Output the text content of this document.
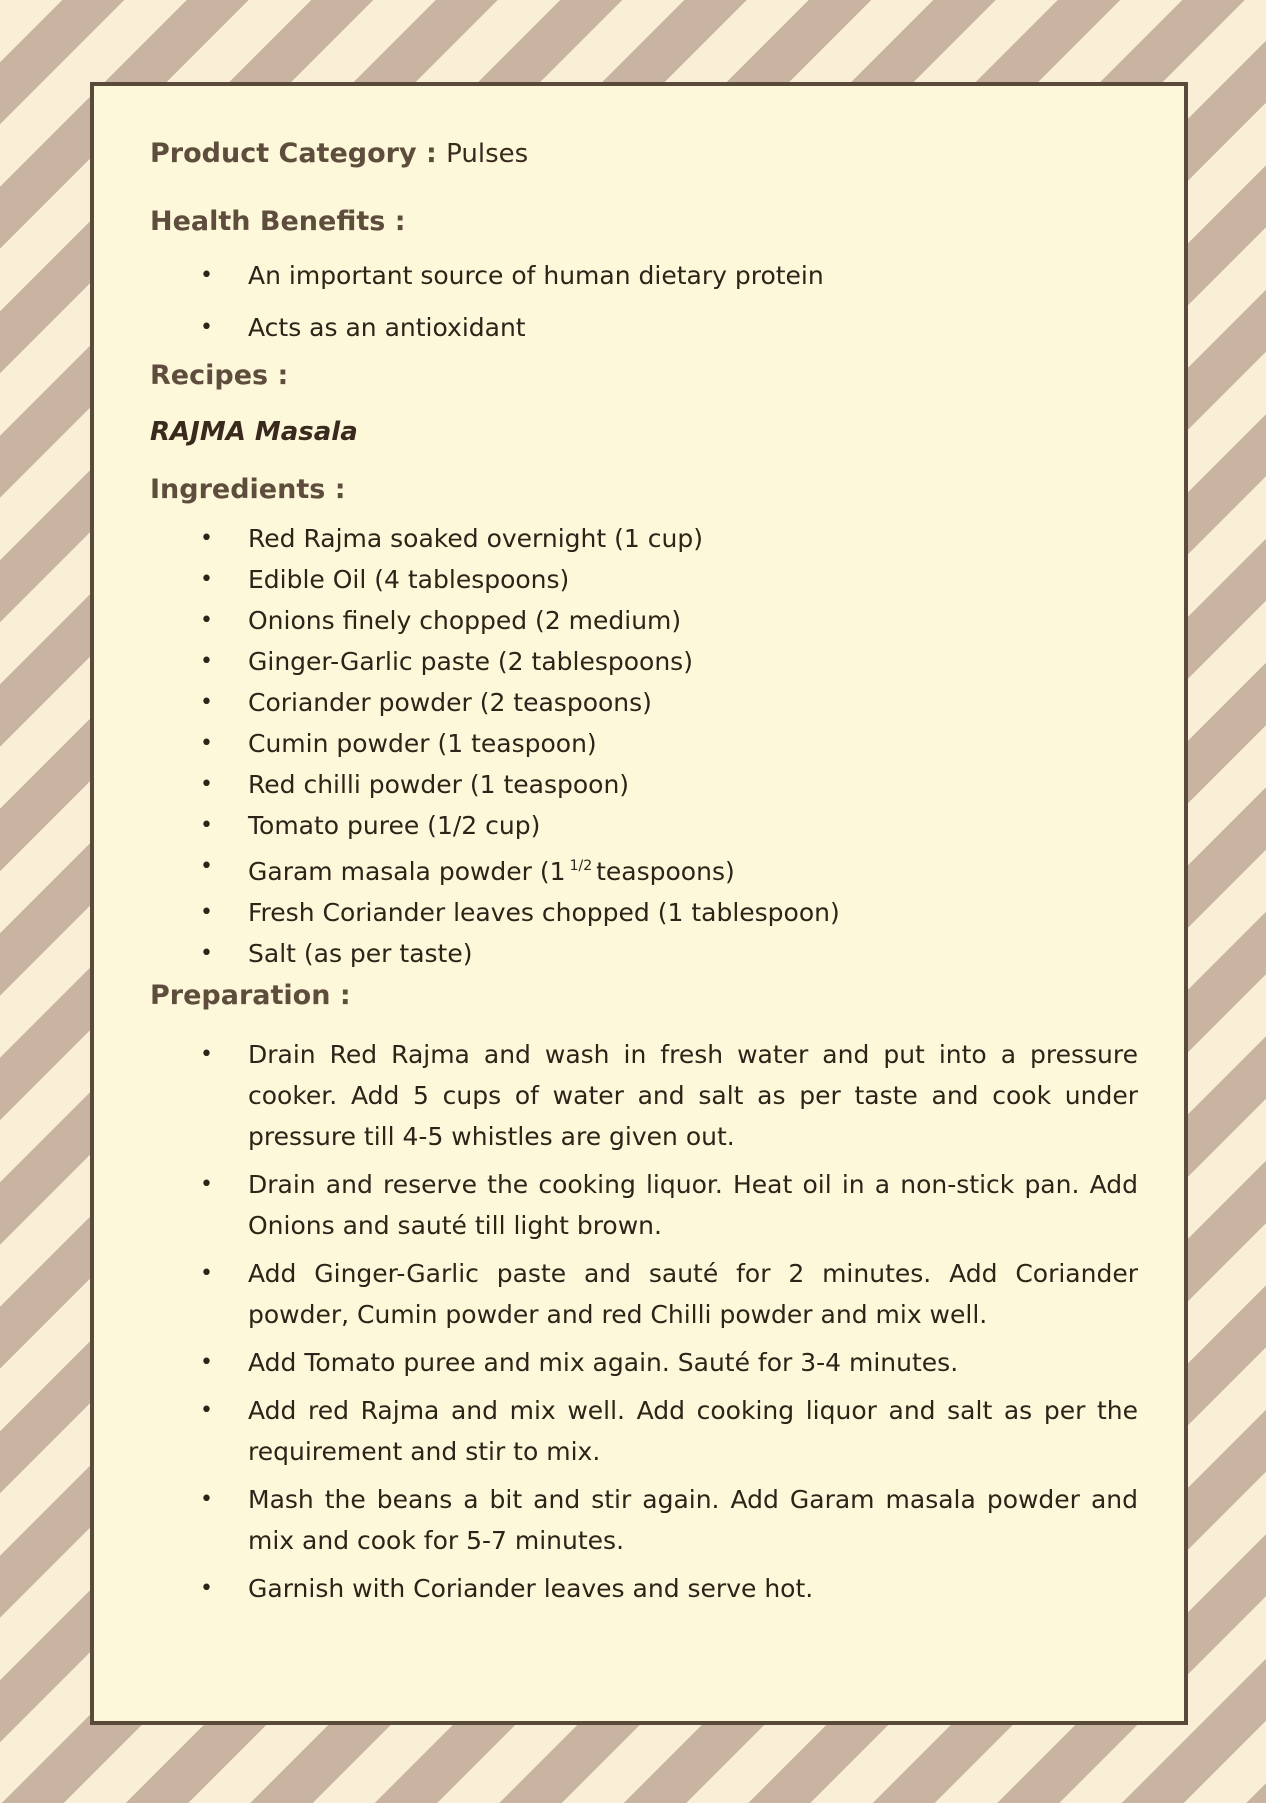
Product Category : Pulses
Health Benefits :
• An important source of human dietary protein
• Acts as an antioxidant
Recipes :
RAJMA Masala
Ingredients :
• Red Rajma soaked overnight (1 cup)
• Edible Oil (4 tablespoons)
• Onions finely chopped (2 medium)
• Ginger-Garlic paste (2 tablespoons)
• Coriander powder (2 teaspoons)
• Cumin powder (1 teaspoon)
• Red chilli powder (1 teaspoon)
• Tomato puree (1/2 cup)
• Garam masala powder (1 $^{1/2}$ teaspoons)
• Fresh Coriander leaves chopped (1 tablespoon)
• Salt (as per taste)
Preparation :
• Drain Red Rajma and wash in fresh water and put into a pressure cooker. Add 5 cups of water and salt as per taste and cook under pressure till 4-5 whistles are given out.
• Drain and reserve the cooking liquor. Heat oil in a non-stick pan. Add Onions and sauté till light brown.
• Add Ginger-Garlic paste and sauté for 2 minutes. Add Coriander powder, Cumin powder and red Chilli powder and mix well.
• Add Tomato puree and mix again. Sauté for 3-4 minutes.
• Add red Rajma and mix well. Add cooking liquor and salt as per the requirement and stir to mix.
• Mash the beans a bit and stir again. Add Garam masala powder and mix and cook for 5-7 minutes.
• Garnish with Coriander leaves and serve hot.
